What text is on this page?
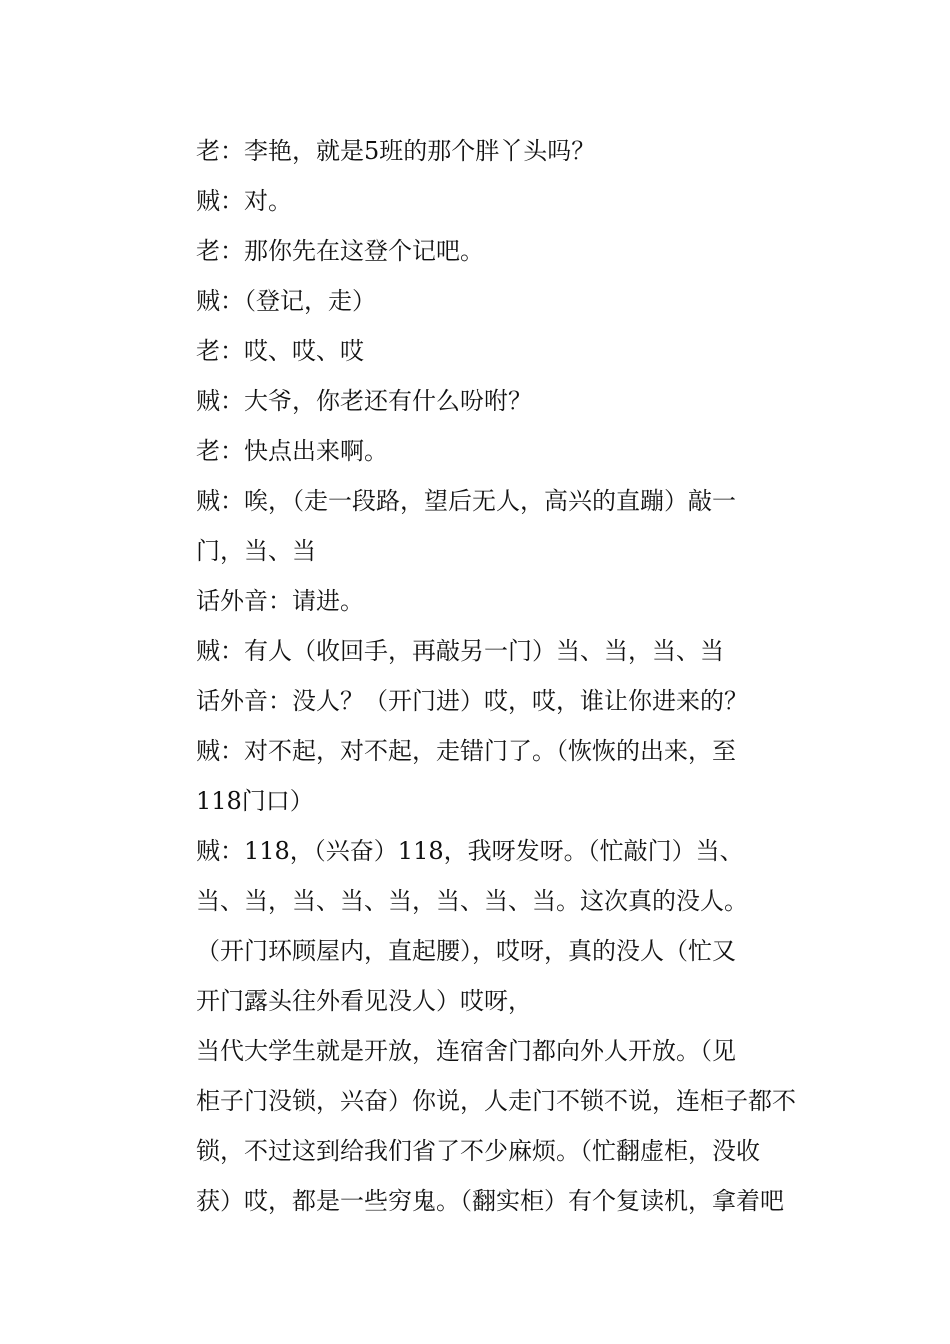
老：李艳，就是5班的那个胖丫头吗？

贼：对。

老：那你先在这登个记吧。

贼：（登记，走）

老：哎、哎、哎

贼：大爷，你老还有什么吩咐？

老：快点出来啊。

贼：唉，（走一段路，望后无人，高兴的直蹦）敲一
门，当、当

话外音：请进。

贼：有人（收回手，再敲另一门）当、当，当、当

话外音：没人？（开门进）哎，哎，谁让你进来的？

贼：对不起，对不起，走错门了。（恢恢的出来，至
118门口）

贼：118，（兴奋）118，我呀发呀。（忙敲门）当、
当、当，当、当、当，当、当、当。这次真的没人。

（开门环顾屋内，直起腰），哎呀，真的没人（忙又
开门露头往外看见没人）哎呀，

当代大学生就是开放，连宿舍门都向外人开放。（见
柜子门没锁，兴奋）你说，人走门不锁不说，连柜子都不
锁，不过这到给我们省了不少麻烦。（忙翻虚柜，没收
获）哎，都是一些穷鬼。（翻实柜）有个复读机，拿着吧
